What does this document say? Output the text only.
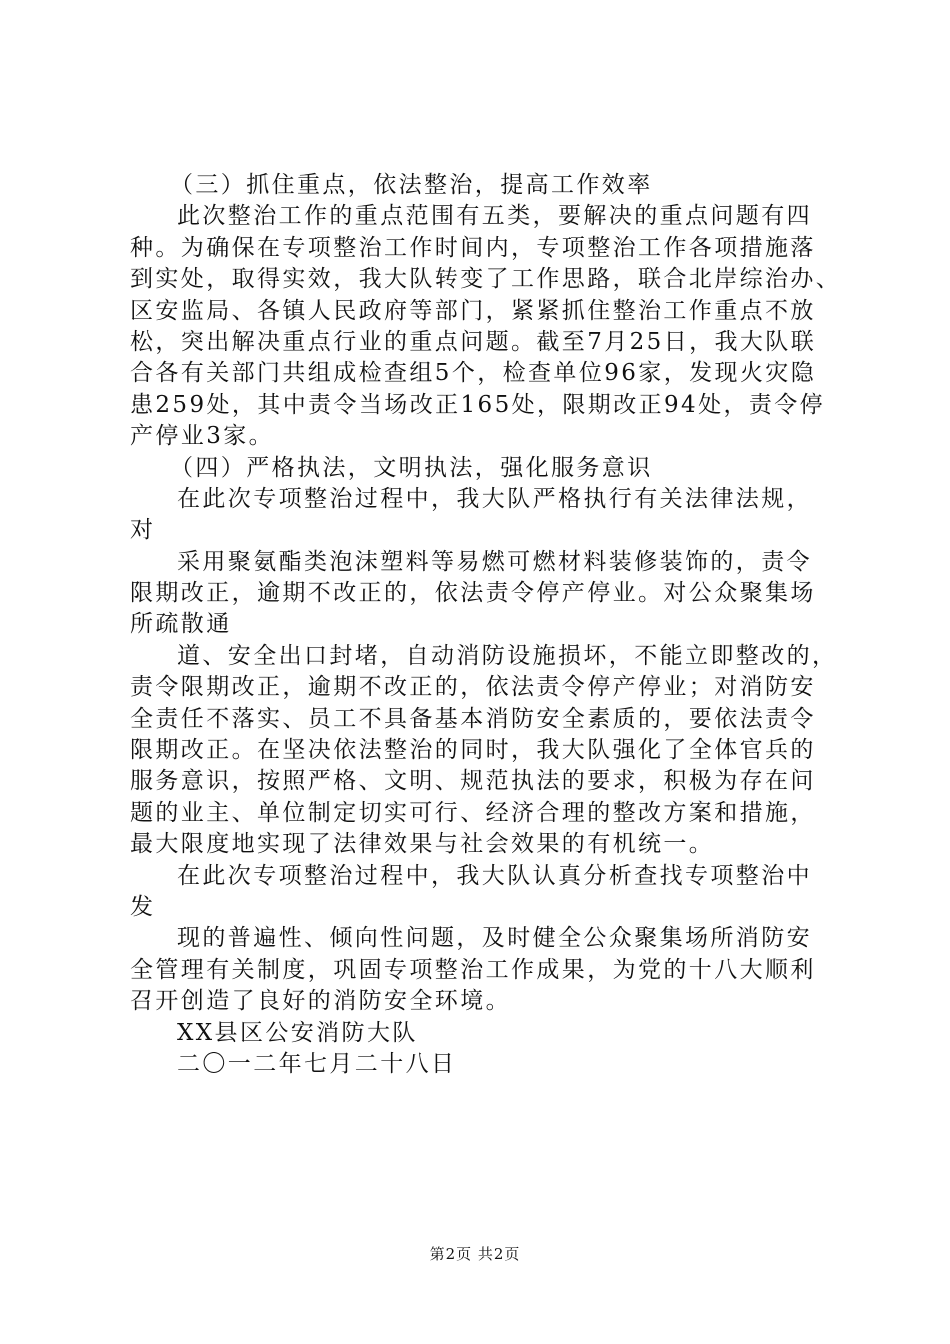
（三）抓住重点，依法整治，提高工作效率
此次整治工作的重点范围有五类，要解决的重点问题有四
种。为确保在专项整治工作时间内，专项整治工作各项措施落
到实处，取得实效，我大队转变了工作思路，联合北岸综治办、
区安监局、各镇人民政府等部门，紧紧抓住整治工作重点不放
松，突出解决重点行业的重点问题。截至7月25日，我大队联
合各有关部门共组成检查组5个，检查单位96家，发现火灾隐
患259处，其中责令当场改正165处，限期改正94处，责令停
产停业3家。
（四）严格执法，文明执法，强化服务意识
在此次专项整治过程中，我大队严格执行有关法律法规，
对
采用聚氨酯类泡沫塑料等易燃可燃材料装修装饰的，责令
限期改正，逾期不改正的，依法责令停产停业。对公众聚集场
所疏散通
道、安全出口封堵，自动消防设施损坏，不能立即整改的，
责令限期改正，逾期不改正的，依法责令停产停业；对消防安
全责任不落实、员工不具备基本消防安全素质的，要依法责令
限期改正。在坚决依法整治的同时，我大队强化了全体官兵的
服务意识，按照严格、文明、规范执法的要求，积极为存在问
题的业主、单位制定切实可行、经济合理的整改方案和措施，
最大限度地实现了法律效果与社会效果的有机统一。
在此次专项整治过程中，我大队认真分析查找专项整治中
发
现的普遍性、倾向性问题，及时健全公众聚集场所消防安
全管理有关制度，巩固专项整治工作成果，为党的十八大顺利
召开创造了良好的消防安全环境。
XX县区公安消防大队
二〇一二年七月二十八日
第2页 共2页
